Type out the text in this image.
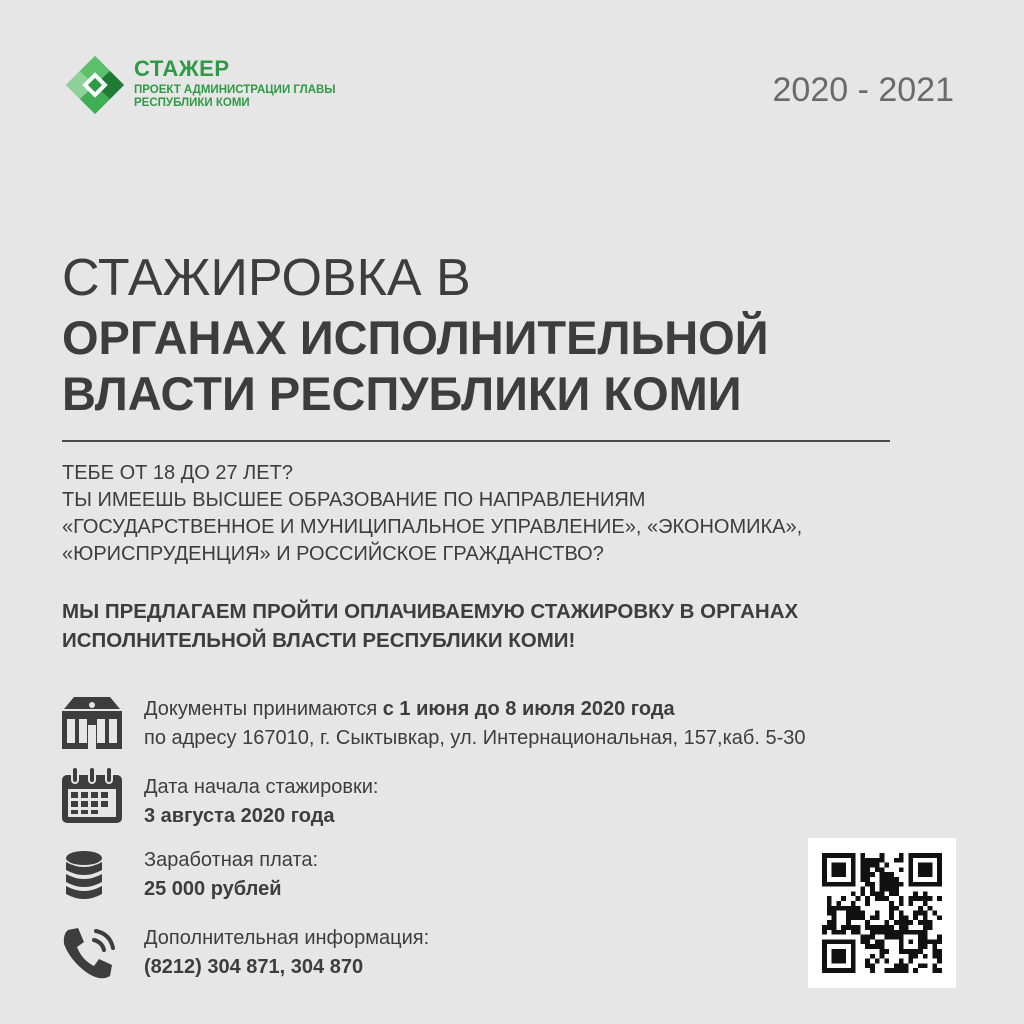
СТАЖЕР
ПРОЕКТ АДМИНИСТРАЦИИ ГЛАВЫ
РЕСПУБЛИКИ КОМИ	2020 - 2021
СТАЖИРОВКА В
ОРГАНАХ ИСПОЛНИТЕЛЬНОЙ
ВЛАСТИ РЕСПУБЛИКИ КОМИ
ТЕБЕ ОТ 18 ДО 27 ЛЕТ?
ТЫ ИМЕЕШЬ ВЫСШЕЕ ОБРАЗОВАНИЕ ПО НАПРАВЛЕНИЯМ
«ГОСУДАРСТВЕННОЕ И МУНИЦИПАЛЬНОЕ УПРАВЛЕНИЕ», «ЭКОНОМИКА»,
«ЮРИСПРУДЕНЦИЯ» И РОССИЙСКОЕ ГРАЖДАНСТВО?
МЫ ПРЕДЛАГАЕМ ПРОЙТИ ОПЛАЧИВАЕМУЮ СТАЖИРОВКУ В ОРГАНАХ
ИСПОЛНИТЕЛЬНОЙ ВЛАСТИ РЕСПУБЛИКИ КОМИ!
Документы принимаются с 1 июня до 8 июля 2020 года
по адресу 167010, г. Сыктывкар, ул. Интернациональная, 157,каб. 5-30
Дата начала стажировки:
3 августа 2020 года
Заработная плата:
25 000 рублей
Дополнительная информация:
(8212) 304 871, 304 870
